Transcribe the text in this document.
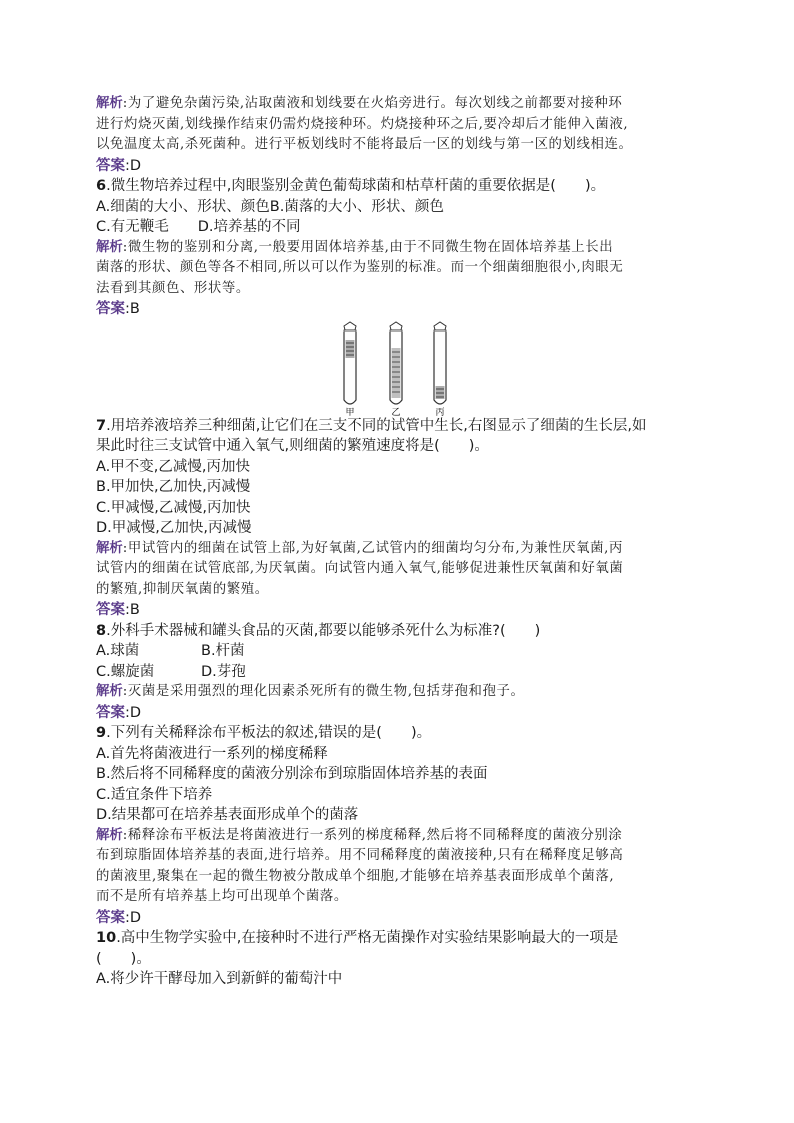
解析:为了避免杂菌污染,沾取菌液和划线要在火焰旁进行。每次划线之前都要对接种环
进行灼烧灭菌,划线操作结束仍需灼烧接种环。灼烧接种环之后,要冷却后才能伸入菌液,
以免温度太高,杀死菌种。进行平板划线时不能将最后一区的划线与第一区的划线相连。
答案:D
6.微生物培养过程中,肉眼鉴别金黄色葡萄球菌和枯草杆菌的重要依据是(　　)。
A.细菌的大小、形状、颜色B.菌落的大小、形状、颜色
C.有无鞭毛　　D.培养基的不同
解析:微生物的鉴别和分离,一般要用固体培养基,由于不同微生物在固体培养基上长出
菌落的形状、颜色等各不相同,所以可以作为鉴别的标准。而一个细菌细胞很小,肉眼无
法看到其颜色、形状等。
答案:B
甲	乙	丙
7.用培养液培养三种细菌,让它们在三支不同的试管中生长,右图显示了细菌的生长层,如
果此时往三支试管中通入氧气,则细菌的繁殖速度将是(　　)。
A.甲不变,乙减慢,丙加快
B.甲加快,乙加快,丙减慢
C.甲减慢,乙减慢,丙加快
D.甲减慢,乙加快,丙减慢
解析:甲试管内的细菌在试管上部,为好氧菌,乙试管内的细菌均匀分布,为兼性厌氧菌,丙
试管内的细菌在试管底部,为厌氧菌。向试管内通入氧气,能够促进兼性厌氧菌和好氧菌
的繁殖,抑制厌氧菌的繁殖。
答案:B
8.外科手术器械和罐头食品的灭菌,都要以能够杀死什么为标准?(　　)
A.球菌	B.杆菌
C.螺旋菌	D.芽孢
解析:灭菌是采用强烈的理化因素杀死所有的微生物,包括芽孢和孢子。
答案:D
9.下列有关稀释涂布平板法的叙述,错误的是(　　)。
A.首先将菌液进行一系列的梯度稀释
B.然后将不同稀释度的菌液分别涂布到琼脂固体培养基的表面
C.适宜条件下培养
D.结果都可在培养基表面形成单个的菌落
解析:稀释涂布平板法是将菌液进行一系列的梯度稀释,然后将不同稀释度的菌液分别涂
布到琼脂固体培养基的表面,进行培养。用不同稀释度的菌液接种,只有在稀释度足够高
的菌液里,聚集在一起的微生物被分散成单个细胞,才能够在培养基表面形成单个菌落,
而不是所有培养基上均可出现单个菌落。
答案:D
10.高中生物学实验中,在接种时不进行严格无菌操作对实验结果影响最大的一项是
(　　)。
A.将少许干酵母加入到新鲜的葡萄汁中
